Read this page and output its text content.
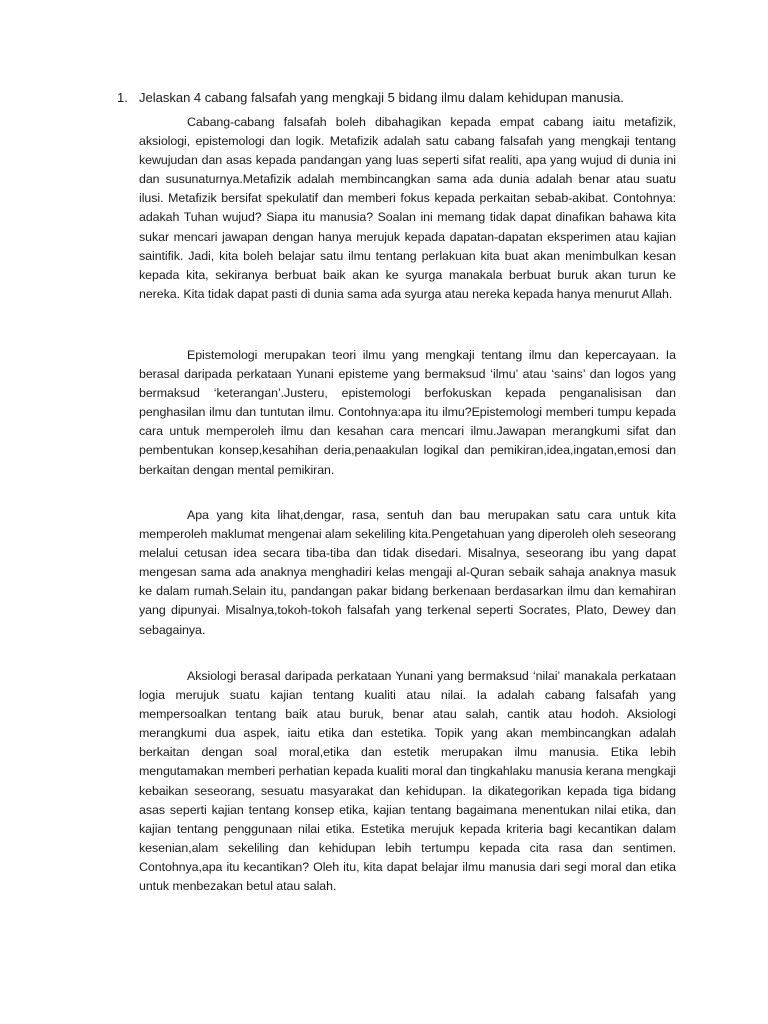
1. Jelaskan 4 cabang falsafah yang mengkaji 5 bidang ilmu dalam kehidupan manusia.

Cabang-cabang falsafah boleh dibahagikan kepada empat cabang iaitu metafizik, aksiologi, epistemologi dan logik. Metafizik adalah satu cabang falsafah yang mengkaji tentang kewujudan dan asas kepada pandangan yang luas seperti sifat realiti, apa yang wujud di dunia ini dan susunaturnya.Metafizik adalah membincangkan sama ada dunia adalah benar atau suatu ilusi. Metafizik bersifat spekulatif dan memberi fokus kepada perkaitan sebab-akibat. Contohnya: adakah Tuhan wujud? Siapa itu manusia? Soalan ini memang tidak dapat dinafikan bahawa kita sukar mencari jawapan dengan hanya merujuk kepada dapatan-dapatan eksperimen atau kajian saintifik. Jadi, kita boleh belajar satu ilmu tentang perlakuan kita buat akan menimbulkan kesan kepada kita, sekiranya berbuat baik akan ke syurga manakala berbuat buruk akan turun ke nereka. Kita tidak dapat pasti di dunia sama ada syurga atau nereka kepada hanya menurut Allah.

Epistemologi merupakan teori ilmu yang mengkaji tentang ilmu dan kepercayaan. Ia berasal daripada perkataan Yunani episteme yang bermaksud ‘ilmu’ atau ‘sains’ dan logos yang bermaksud ‘keterangan’.Justeru, epistemologi berfokuskan kepada penganalisisan dan penghasilan ilmu dan tuntutan ilmu. Contohnya:apa itu ilmu?Epistemologi memberi tumpu kepada cara untuk memperoleh ilmu dan kesahan cara mencari ilmu.Jawapan merangkumi sifat dan pembentukan konsep,kesahihan deria,penaakulan logikal dan pemikiran,idea,ingatan,emosi dan berkaitan dengan mental pemikiran.

Apa yang kita lihat,dengar, rasa, sentuh dan bau merupakan satu cara untuk kita memperoleh maklumat mengenai alam sekeliling kita.Pengetahuan yang diperoleh oleh seseorang melalui cetusan idea secara tiba-tiba dan tidak disedari. Misalnya, seseorang ibu yang dapat mengesan sama ada anaknya menghadiri kelas mengaji al-Quran sebaik sahaja anaknya masuk ke dalam rumah.Selain itu, pandangan pakar bidang berkenaan berdasarkan ilmu dan kemahiran yang dipunyai. Misalnya,tokoh-tokoh falsafah yang terkenal seperti Socrates, Plato, Dewey dan sebagainya.

Aksiologi berasal daripada perkataan Yunani yang bermaksud ‘nilai’ manakala perkataan logia merujuk suatu kajian tentang kualiti atau nilai. Ia adalah cabang falsafah yang mempersoalkan tentang baik atau buruk, benar atau salah, cantik atau hodoh. Aksiologi merangkumi dua aspek, iaitu etika dan estetika. Topik yang akan membincangkan adalah berkaitan dengan soal moral,etika dan estetik merupakan ilmu manusia. Etika lebih mengutamakan memberi perhatian kepada kualiti moral dan tingkahlaku manusia kerana mengkaji kebaikan seseorang, sesuatu masyarakat dan kehidupan. Ia dikategorikan kepada tiga bidang asas seperti kajian tentang konsep etika, kajian tentang bagaimana menentukan nilai etika, dan kajian tentang penggunaan nilai etika. Estetika merujuk kepada kriteria bagi kecantikan dalam kesenian,alam sekeliling dan kehidupan lebih tertumpu kepada cita rasa dan sentimen. Contohnya,apa itu kecantikan? Oleh itu, kita dapat belajar ilmu manusia dari segi moral dan etika untuk menbezakan betul atau salah.
